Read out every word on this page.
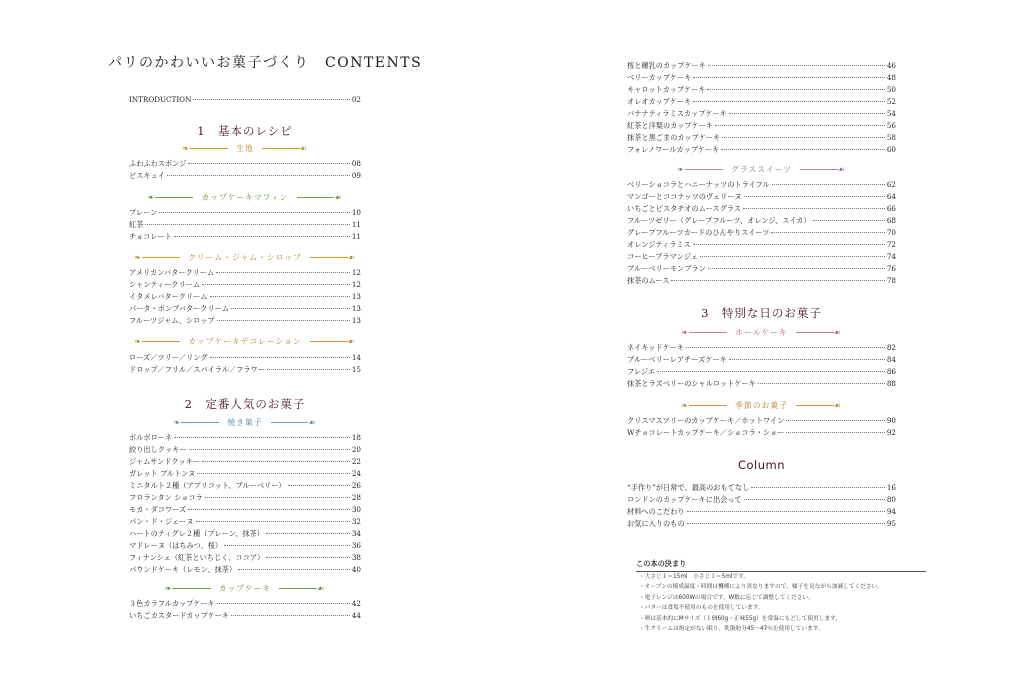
パリのかわいいお菓子づくり　CONTENTS
INTRODUCTION	02
1　基本のレシピ
❧	生地	☙
ふわふわスポンジ	08
ビスキュイ	09
❧	カップケーキマフィン	☙
プレーン	10
紅茶	11
チョコレート	11
❧	クリーム・ジャム・シロップ	☙
アメリカンバタークリーム	12
シャンティークリーム	12
イタメレバタークリーム	13
パータ・ボンブバタークリーム	13
フルーツジャム、シロップ	13
❧	カップケーキデコレーション	☙
ローズ／ツリー／リング	14
ドロップ／フリル／スパイラル／フラワー	15
2　定番人気のお菓子
❧	焼き菓子	☙
ポルボローネ	18
絞り出しクッキー	20
ジャムサンドクッキー	22
ガレット ブルトンヌ	24
ミニタルト２種（アプリコット、ブルーベリー）	26
フロランタン ショコラ	28
モカ・ダコワーズ	30
パン・ド・ジェーヌ	32
ハートのティグレ２種（プレーン、抹茶）	34
マドレーヌ（はちみつ、桜）	36
フィナンシェ（紅茶といちじく、ココア）	38
パウンドケーキ（レモン、抹茶）	40
❧	カップケーキ	☙
３色カラフルカップケーキ	42
いちごカスタードカップケーキ	44
桜と練乳のカップケーキ	46
ベリーカップケーキ	48
キャロットカップケーキ	50
オレオカップケーキ	52
バナナティラミスカップケーキ	54
紅茶と洋梨のカップケーキ	56
抹茶と黒ごまのカップケーキ	58
フォレノワールカップケーキ	60
❧	グラススイーツ	☙
ベリーショコラとハニーナッツのトライフル	62
マンゴーとココナッツのヴェリーヌ	64
いちごとピスタチオのムースグラス	66
フルーツゼリー（グレープフルーツ、オレンジ、スイカ）	68
グレープフルーツカードのひんやりスイーツ	70
オレンジティラミス	72
コーヒーブラマンジェ	74
ブルーベリーモンブラン	76
抹茶のムース	78
3　特別な日のお菓子
❧	ホールケーキ	☙
ネイキッドケーキ	82
ブルーベリーレアチーズケーキ	84
フレジエ	86
抹茶とラズベリーのシャルロットケーキ	88
❧	季節のお菓子	☙
クリスマスツリーのカップケーキ／ホットワイン	90
Wチョコレートカップケーキ／ショコラ・ショー	92
Column
“手作り”が日常で、最高のおもてなし	16
ロンドンのカップケーキに出会って	80
材料へのこだわり	94
お気に入りのもの	95
この本の決まり
・大さじ１＝15ml　小さじ１＝5mlです。
・オーブンの焼成温度・時間は機種により異なりますので、様子を見ながら加減してください。
・電子レンジは600Wの場合です。W数に応じて調整してください。
・バターは食塩不使用のものを使用しています。
・卵は基本的にMサイズ（１個60g・正味55g）を常温にもどして使用します。
・生クリームは指定がない限り、乳脂肪分45～47％を使用しています。
